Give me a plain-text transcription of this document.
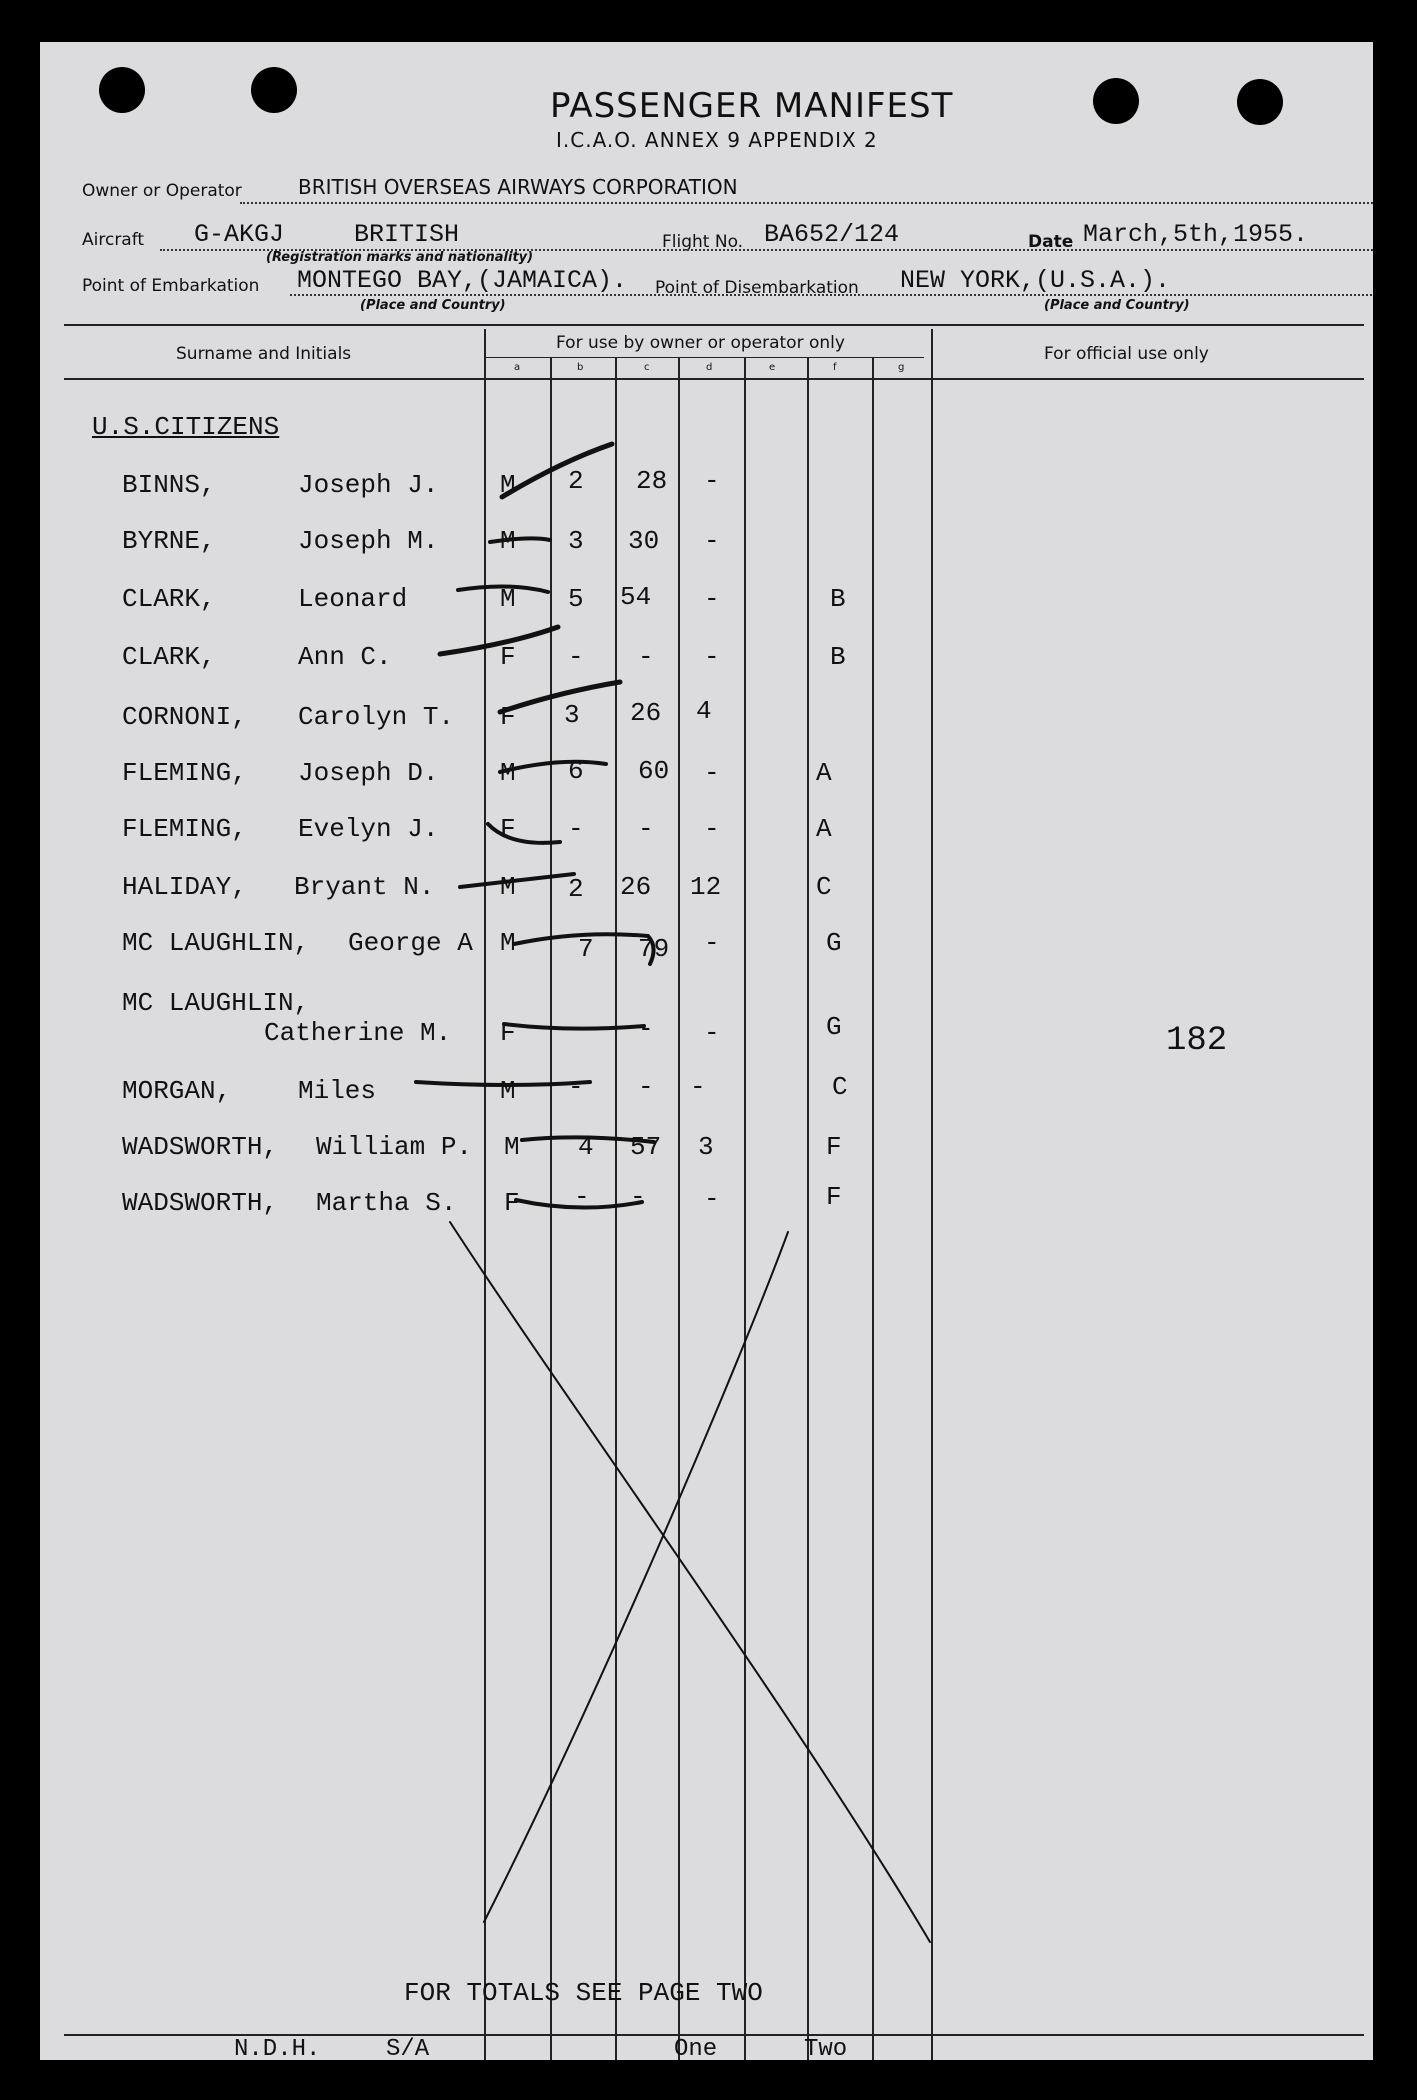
PASSENGER MANIFEST
I.C.A.O. ANNEX 9 APPENDIX 2
Owner or Operator	BRITISH OVERSEAS AIRWAYS CORPORATION
Aircraft G-AKGJ	BRITISH
(Registration marks and nationality)
Flight No. BA652/124	Date March,5th,1955.
Point of Embarkation MONTEGO BAY,(JAMAICA).
(Place and Country)
Point of Disembarkation NEW YORK,(U.S.A.).
(Place and Country)
Surname and Initials
For use by owner or operator only
For official use only
a	b	c	d	e	f	g
U.S.CITIZENS
BINNS,	Joseph J. M 2 28 -
BYRNE,	Joseph M. M 3 30 -
CLARK,	Leonard	M 5 54 -	B
CLARK,	Ann C.	F - - -	B
CORNONI, Carolyn T. F 3 26 4
FLEMING, Joseph D. M 6 60 -	A
FLEMING, Evelyn J. F - - -	A
HALIDAY, Bryant N.	M 2 26 12	C
MC LAUGHLIN, George A M 7 79 -	G
MC LAUGHLIN,
Catherine M. F - - -	G
MORGAN,	Miles	M - - -	C
WADSWORTH, William P. M 4 57 3	F
WADSWORTH, Martha S. F - - -	F
182
FOR TOTALS SEE PAGE TWO
N.D.H.	S/A	One	Two
